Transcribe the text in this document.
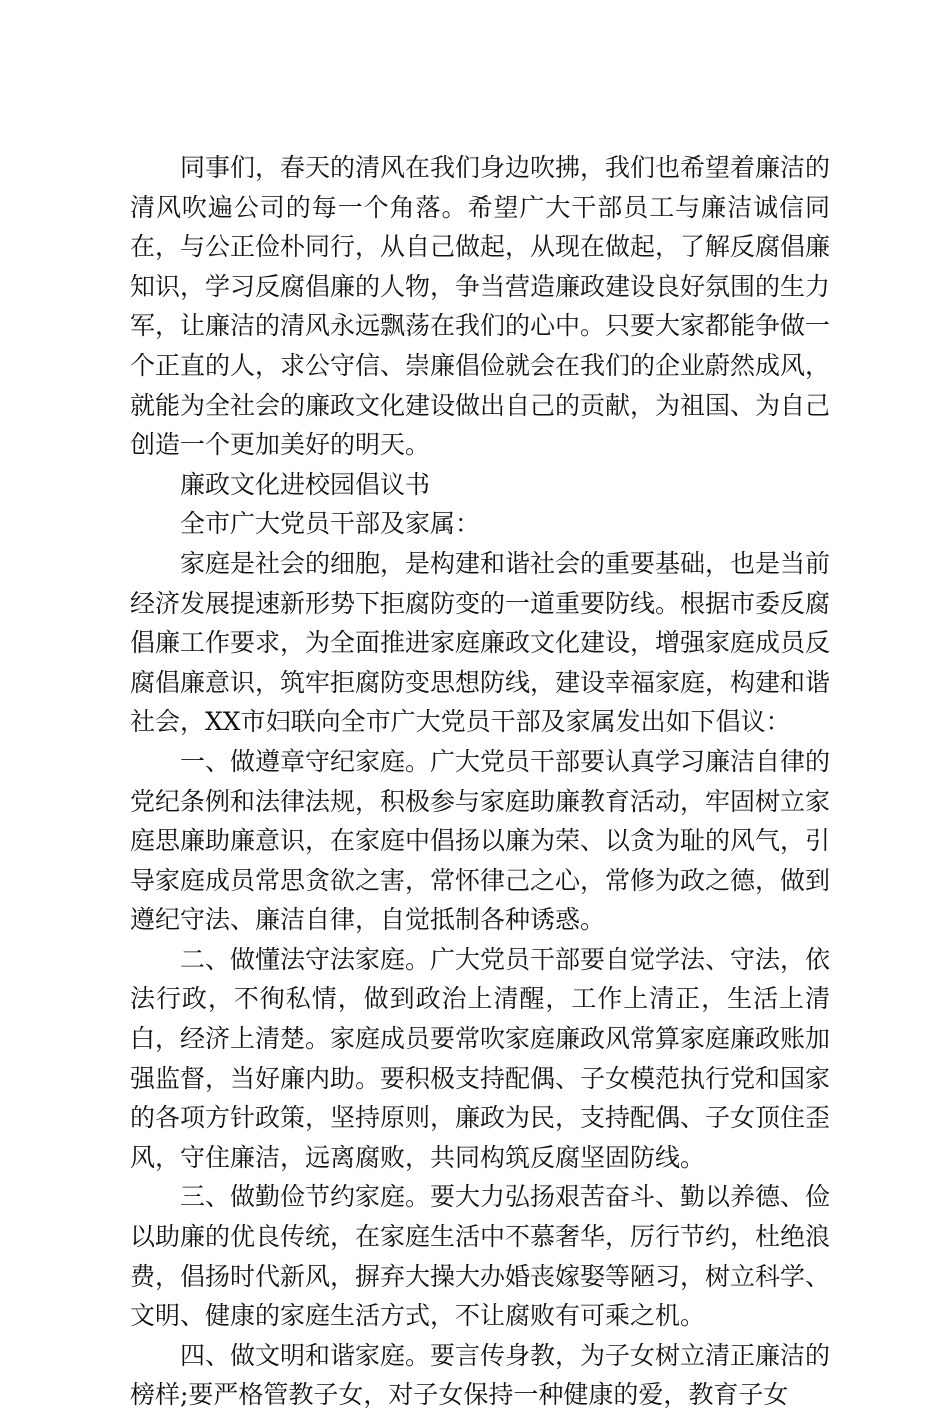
同事们，春天的清风在我们身边吹拂，我们也希望着廉洁的清风吹遍公司的每一个角落。希望广大干部员工与廉洁诚信同在，与公正俭朴同行，从自己做起，从现在做起，了解反腐倡廉知识，学习反腐倡廉的人物，争当营造廉政建设良好氛围的生力军，让廉洁的清风永远飘荡在我们的心中。只要大家都能争做一个正直的人，求公守信、崇廉倡俭就会在我们的企业蔚然成风，就能为全社会的廉政文化建设做出自己的贡献，为祖国、为自己创造一个更加美好的明天。

廉政文化进校园倡议书

全市广大党员干部及家属：

家庭是社会的细胞，是构建和谐社会的重要基础，也是当前经济发展提速新形势下拒腐防变的一道重要防线。根据市委反腐倡廉工作要求，为全面推进家庭廉政文化建设，增强家庭成员反腐倡廉意识，筑牢拒腐防变思想防线，建设幸福家庭，构建和谐社会，XX市妇联向全市广大党员干部及家属发出如下倡议：

一、做遵章守纪家庭。广大党员干部要认真学习廉洁自律的党纪条例和法律法规，积极参与家庭助廉教育活动，牢固树立家庭思廉助廉意识，在家庭中倡扬以廉为荣、以贪为耻的风气，引导家庭成员常思贪欲之害，常怀律己之心，常修为政之德，做到遵纪守法、廉洁自律，自觉抵制各种诱惑。

二、做懂法守法家庭。广大党员干部要自觉学法、守法，依法行政，不徇私情，做到政治上清醒，工作上清正，生活上清白，经济上清楚。家庭成员要常吹家庭廉政风常算家庭廉政账加强监督，当好廉内助。要积极支持配偶、子女模范执行党和国家的各项方针政策，坚持原则，廉政为民，支持配偶、子女顶住歪风，守住廉洁，远离腐败，共同构筑反腐坚固防线。

三、做勤俭节约家庭。要大力弘扬艰苦奋斗、勤以养德、俭以助廉的优良传统，在家庭生活中不慕奢华，厉行节约，杜绝浪费，倡扬时代新风，摒弃大操大办婚丧嫁娶等陋习，树立科学、文明、健康的家庭生活方式，不让腐败有可乘之机。

四、做文明和谐家庭。要言传身教，为子女树立清正廉洁的榜样;要严格管教子女，对子女保持一种健康的爱，教育子女
